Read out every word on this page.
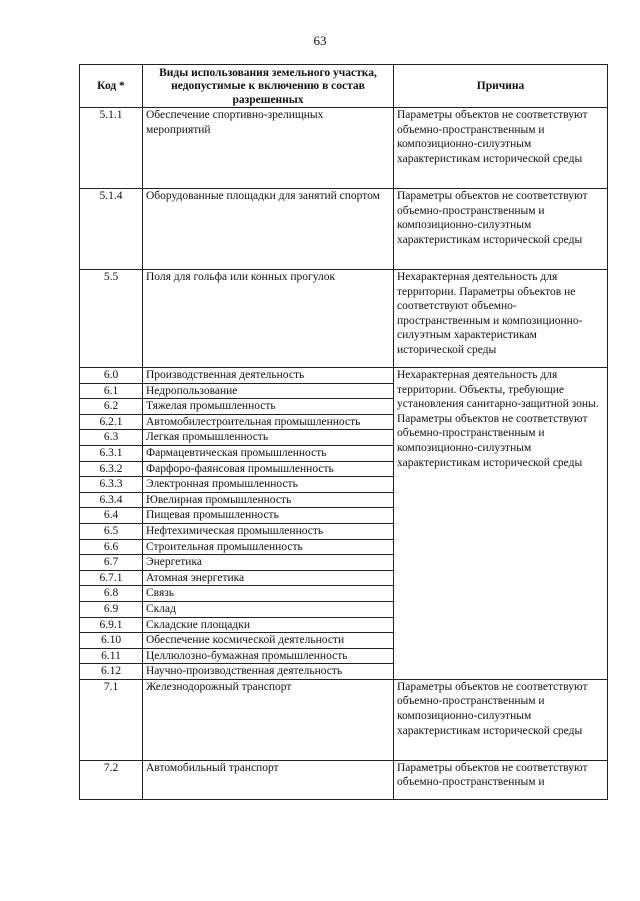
63
Код *	Виды использования земельного участка, недопустимые к включению в состав разрешенных	Причина
5.1.1	Обеспечение спортивно-зрелищных мероприятий	Параметры объектов не соответствуют объемно-пространственным и композиционно-силуэтным характеристикам исторической среды
5.1.4	Оборудованные площадки для занятий спортом	Параметры объектов не соответствуют объемно-пространственным и композиционно-силуэтным характеристикам исторической среды
5.5	Поля для гольфа или конных прогулок	Нехарактерная деятельность для территории. Параметры объектов не соответствуют объемно-пространственным и композиционно-силуэтным характеристикам исторической среды
6.0	Производственная деятельность	Нехарактерная деятельность для территории. Объекты, требующие установления санитарно-защитной зоны. Параметры объектов не соответствуют объемно-пространственным и композиционно-силуэтным характеристикам исторической среды
6.1	Недропользование	
6.2	Тяжелая промышленность	
6.2.1	Автомобилестроительная промышленность	
6.3	Легкая промышленность	
6.3.1	Фармацевтическая промышленность	
6.3.2	Фарфоро-фаянсовая промышленность	
6.3.3	Электронная промышленность	
6.3.4	Ювелирная промышленность	
6.4	Пищевая промышленность	
6.5	Нефтехимическая промышленность	
6.6	Строительная промышленность	
6.7	Энергетика	
6.7.1	Атомная энергетика	
6.8	Связь	
6.9	Склад	
6.9.1	Складские площадки	
6.10	Обеспечение космической деятельности	
6.11	Целлюлозно-бумажная промышленность	
6.12	Научно-производственная деятельность	
7.1	Железнодорожный транспорт	Параметры объектов не соответствуют объемно-пространственным и композиционно-силуэтным характеристикам исторической среды
7.2	Автомобильный транспорт	Параметры объектов не соответствуют объемно-пространственным и
